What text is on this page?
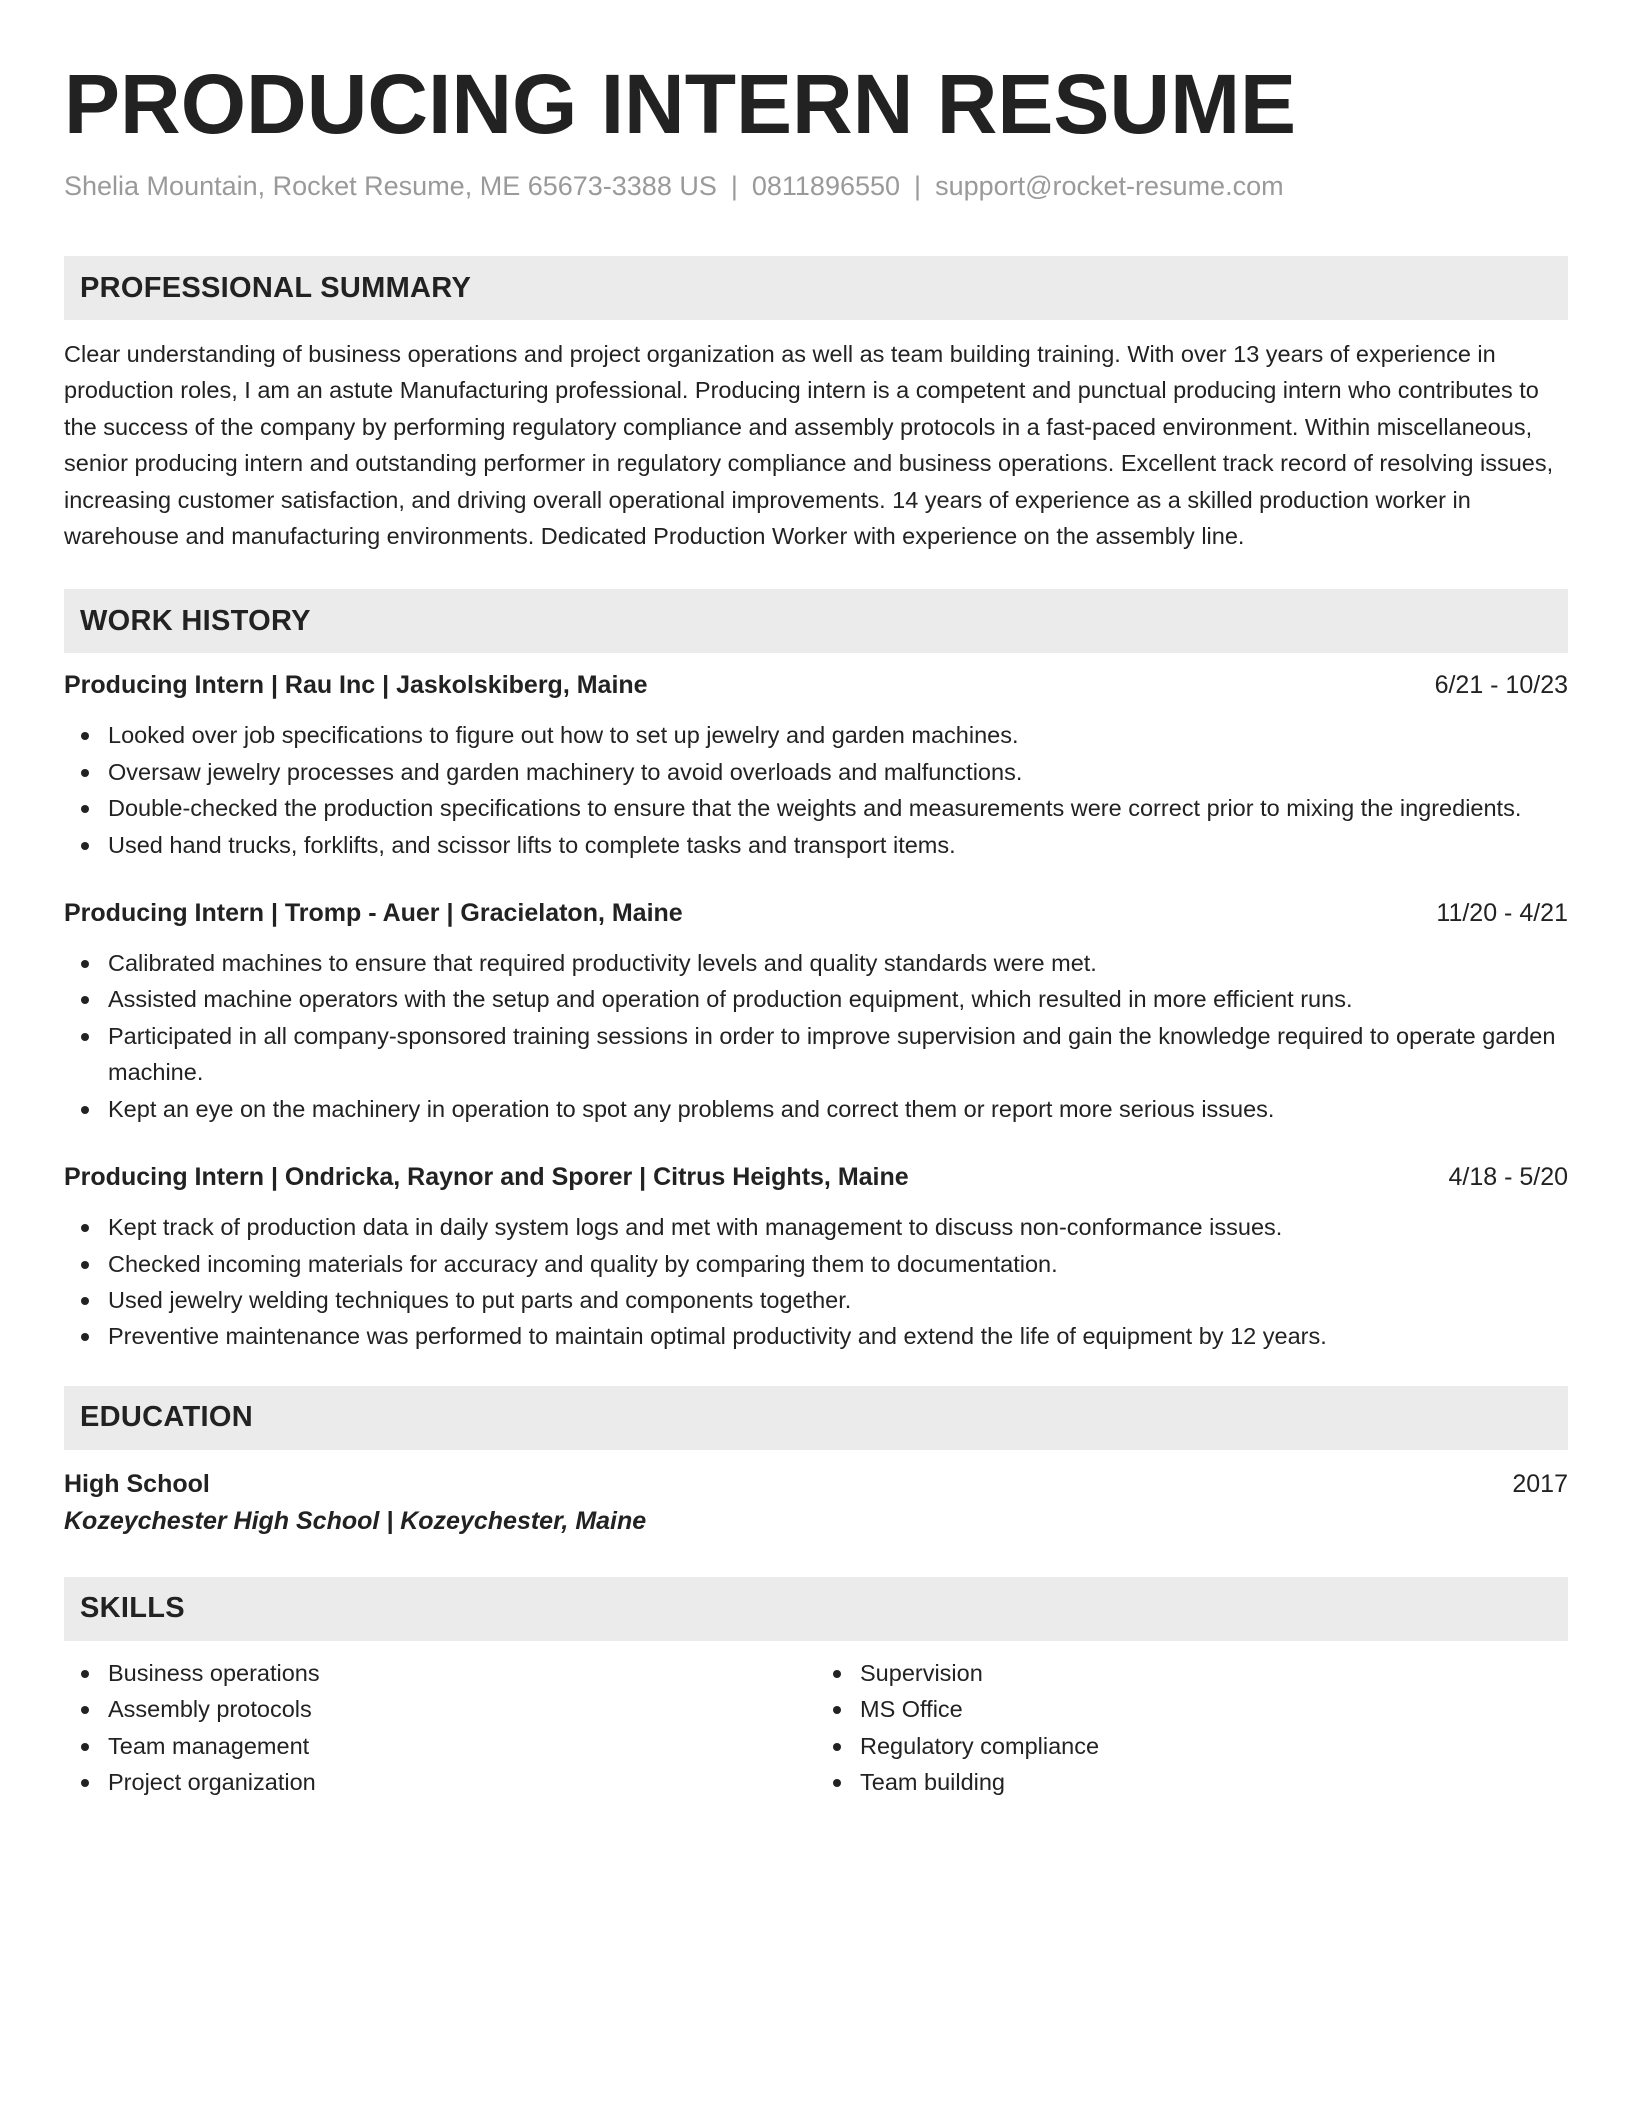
PRODUCING INTERN RESUME
Shelia Mountain, Rocket Resume, ME 65673-3388 US | 0811896550 | support@rocket-resume.com
PROFESSIONAL SUMMARY
Clear understanding of business operations and project organization as well as team building training. With over 13 years of experience in production roles, I am an astute Manufacturing professional. Producing intern is a competent and punctual producing intern who contributes to the success of the company by performing regulatory compliance and assembly protocols in a fast-paced environment. Within miscellaneous, senior producing intern and outstanding performer in regulatory compliance and business operations. Excellent track record of resolving issues, increasing customer satisfaction, and driving overall operational improvements. 14 years of experience as a skilled production worker in warehouse and manufacturing environments. Dedicated Production Worker with experience on the assembly line.
WORK HISTORY
Producing Intern | Rau Inc | Jaskolskiberg, Maine	6/21 - 10/23
Looked over job specifications to figure out how to set up jewelry and garden machines.
Oversaw jewelry processes and garden machinery to avoid overloads and malfunctions.
Double-checked the production specifications to ensure that the weights and measurements were correct prior to mixing the ingredients.
Used hand trucks, forklifts, and scissor lifts to complete tasks and transport items.
Producing Intern | Tromp - Auer | Gracielaton, Maine	11/20 - 4/21
Calibrated machines to ensure that required productivity levels and quality standards were met.
Assisted machine operators with the setup and operation of production equipment, which resulted in more efficient runs.
Participated in all company-sponsored training sessions in order to improve supervision and gain the knowledge required to operate garden machine.
Kept an eye on the machinery in operation to spot any problems and correct them or report more serious issues.
Producing Intern | Ondricka, Raynor and Sporer | Citrus Heights, Maine	4/18 - 5/20
Kept track of production data in daily system logs and met with management to discuss non-conformance issues.
Checked incoming materials for accuracy and quality by comparing them to documentation.
Used jewelry welding techniques to put parts and components together.
Preventive maintenance was performed to maintain optimal productivity and extend the life of equipment by 12 years.
EDUCATION
High School	2017
Kozeychester High School | Kozeychester, Maine
SKILLS
Business operations
Assembly protocols
Team management
Project organization
Supervision
MS Office
Regulatory compliance
Team building
